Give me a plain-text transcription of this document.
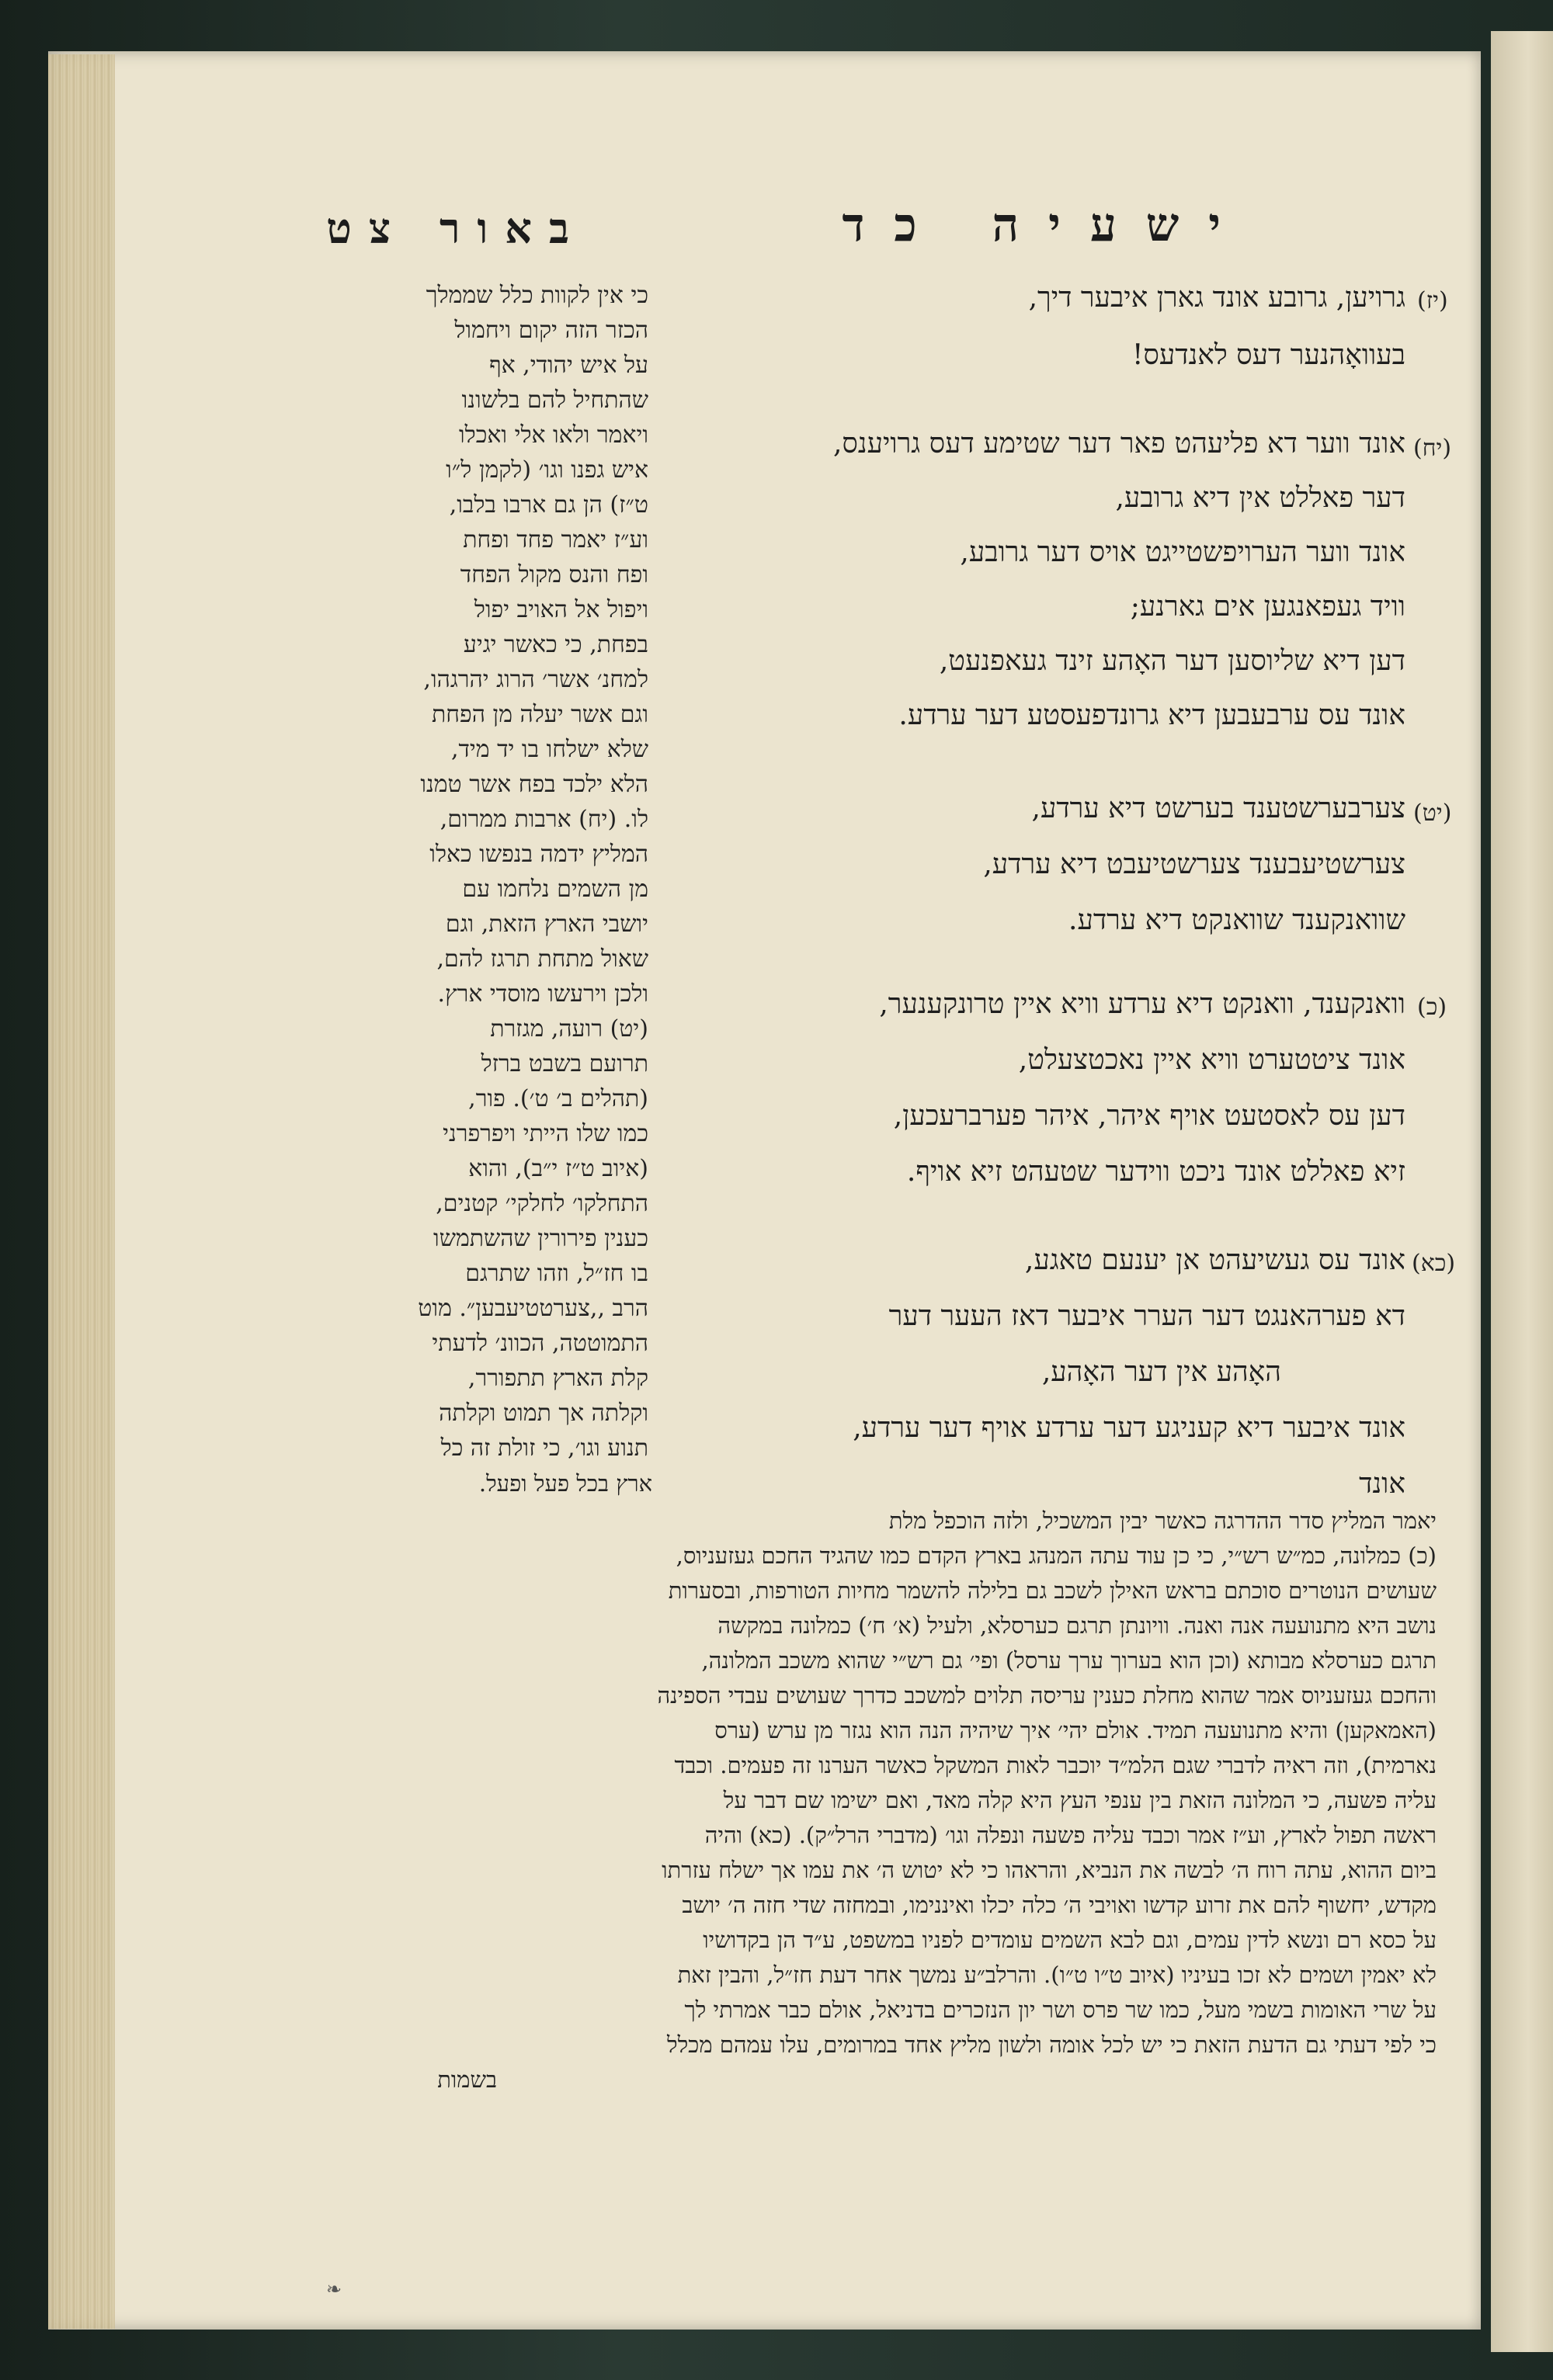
ישעיה כד
באור צט
(יז)
גרויען, גרובע אונד גארן איבער דיך,
בעוואָהנער דעס לאנדעס!
(יח)
אונד ווער דא פליעהט פאר דער שטימע דעס גרויענס,
דער פאללט אין דיא גרובע,
אונד ווער הערויפשטייגט אויס דער גרובע,
וויד געפאנגען אים גארנע;
דען דיא שליוסען דער האָהע זינד געאפנעט,
אונד עס ערבעבען דיא גרונדפעסטע דער ערדע.
(יט)
צערבערשטענד בערשט דיא ערדע,
צערשטיעבענד צערשטיעבט דיא ערדע,
שוואנקענד שוואנקט דיא ערדע.
(כ)
וואנקענד, וואנקט דיא ערדע וויא איין טרונקענער,
אונד ציטטערט וויא איין נאכטצעלט,
דען עס לאסטעט אויף איהר, איהר פערברעכען,
זיא פאללט אונד ניכט ווידער שטעהט זיא אויף.
(כא)
אונד עס געשיעהט אן יענעם טאגע,
דא פערהאנגט דער הערר איבער דאז העער דער
האָהע אין דער האָהע,
אונד איבער דיא קעניגע דער ערדע אויף דער ערדע,
אונד
כי אין לקוות כלל שממלך
הכזר הזה יקום ויחמול
על איש יהודי, אף
שהתחיל להם בלשונו
ויאמר ולאו אלי ואכלו
איש גפנו וגו׳ (לקמן ל״ו
ט״ז) הן גם ארבו בלבו,
וע״ז יאמר פחד ופחת
ופח והנס מקול הפחד
ויפול אל האויב יפול
בפחת, כי כאשר יגיע
למחנ׳ אשר׳ הרוג יהרגהו,
וגם אשר יעלה מן הפחת
שלא ישלחו בו יד מיד,
הלא ילכד בפח אשר טמנו
לו. (יח) ארבות ממרום,
המליץ ידמה בנפשו כאלו
מן השמים נלחמו עם
יושבי הארץ הזאת, וגם
שאול מתחת תרגז להם,
ולכן וירעשו מוסדי ארץ.
(יט) רועה, מגזרת
תרועם בשבט ברזל
(תהלים ב׳ ט׳). פור,
כמו שלו הייתי ויפרפרני
(איוב ט״ז י״ב), והוא
התחלקו׳ לחלקי׳ קטנים,
כענין פירורין שהשתמשו
בו חז״ל, וזהו שתרגם
הרב ,,צערטטיעבען״. מוט
התמוטטה, הכוונ׳ לדעתי
קלת הארץ תתפורר,
וקלתה אך תמוט וקלתה
תנוע וגו׳, כי זולת זה כל
ארץ בכל פעל ופעל.
יאמר המליץ סדר ההדרגה כאשר יבין המשכיל, ולזה הוכפל מלת
(כ) כמלונה, כמ״ש רש״י, כי כן עוד עתה המנהג בארץ הקדם כמו שהגיד החכם געזעניוס,
שעושים הנוטרים סוכתם בראש האילן לשכב גם בלילה להשמר מחיות הטורפות, ובסערות
נושב היא מתנועעה אנה ואנה. וויונתן תרגם כערסלא, ולעיל (א׳ ח׳) כמלונה במקשה
תרגם כערסלא מבותא (וכן הוא בערוך ערך ערסל) ופי׳ גם רש״י שהוא משכב המלונה,
והחכם געזעניוס אמר שהוא מחלת כענין עריסה תלוים למשכב כדרך שעושים עבדי הספינה
(האמאקען) והיא מתנועעה תמיד. אולם יהי׳ איך שיהיה הנה הוא נגזר מן ערש (ערס
נארמית), וזה ראיה לדברי שגם הלמ״ד יוכבר לאות המשקל כאשר הערנו זה פעמים. וכבד
עליה פשעה, כי המלונה הזאת בין ענפי העץ היא קלה מאד, ואם ישימו שם דבר על
ראשה תפול לארץ, וע״ז אמר וכבד עליה פשעה ונפלה וגו׳ (מדברי הרל״ק). (כא) והיה
ביום ההוא, עתה רוח ה׳ לבשה את הנביא, והראהו כי לא יטוש ה׳ את עמו אך ישלח עזרתו
מקדש, יחשוף להם את זרוע קדשו ואויבי ה׳ כלה יכלו ואיננימו, ובמחזה שדי חזה ה׳ יושב
על כסא רם ונשא לדין עמים, וגם לבא השמים עומדים לפניו במשפט, ע״ד הן בקדושיו
לא יאמין ושמים לא זכו בעיניו (איוב ט״ו ט״ו). והרלב״ע נמשך אחר דעת חז״ל, והבין זאת
על שרי האומות בשמי מעל, כמו שר פרס ושר יון הנזכרים בדניאל, אולם כבר אמרתי לך
כי לפי דעתי גם הדעת הזאת כי יש לכל אומה ולשון מליץ אחד במרומים, עלו עמהם מכלל
בשמות
❧
